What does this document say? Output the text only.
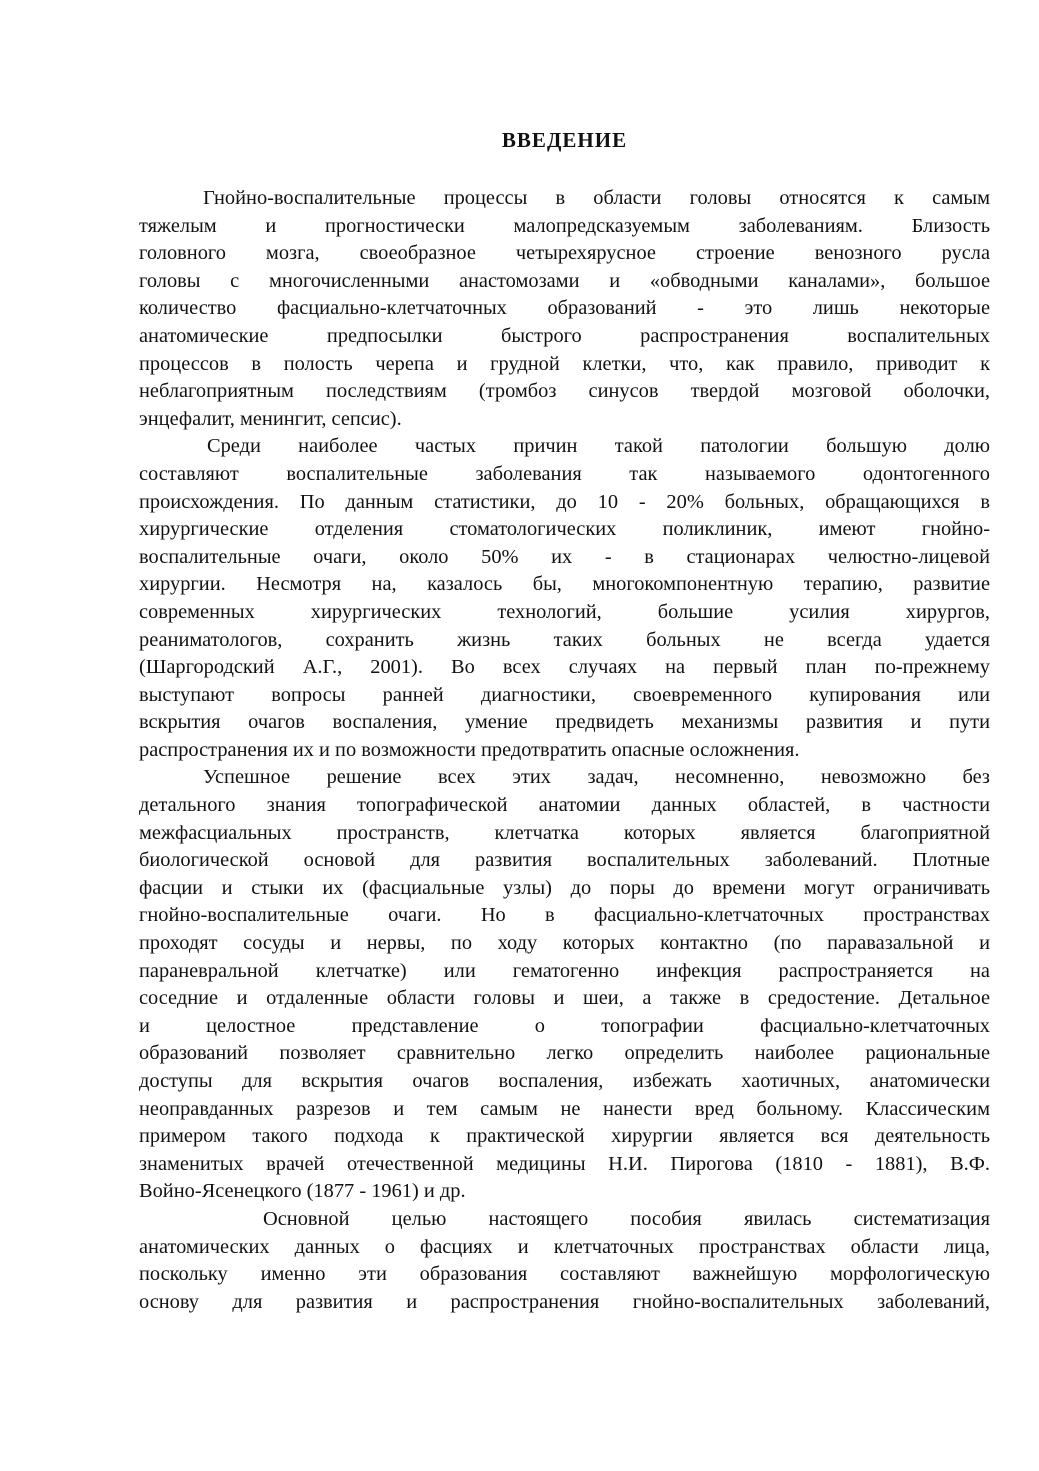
ВВЕДЕНИЕ

Гнойно-воспалительные процессы в области головы относятся к самым
тяжелым и прогностически малопредсказуемым заболеваниям. Близость
головного мозга, своеобразное четырехярусное строение венозного русла
головы с многочисленными анастомозами и «обводными каналами», большое
количество фасциально-клетчаточных образований - это лишь некоторые
анатомические предпосылки быстрого распространения воспалительных
процессов в полость черепа и грудной клетки, что, как правило, приводит к
неблагоприятным последствиям (тромбоз синусов твердой мозговой оболочки,
энцефалит, менингит, сепсис).

Среди наиболее частых причин такой патологии большую долю
составляют воспалительные заболевания так называемого одонтогенного
происхождения. По данным статистики, до 10 - 20% больных, обращающихся в
хирургические отделения стоматологических поликлиник, имеют гнойно-
воспалительные очаги, около 50% их - в стационарах челюстно-лицевой
хирургии. Несмотря на, казалось бы, многокомпонентную терапию, развитие
современных хирургических технологий, большие усилия хирургов,
реаниматологов, сохранить жизнь таких больных не всегда удается
(Шаргородский А.Г., 2001). Во всех случаях на первый план по-прежнему
выступают вопросы ранней диагностики, своевременного купирования или
вскрытия очагов воспаления, умение предвидеть механизмы развития и пути
распространения их и по возможности предотвратить опасные осложнения.

Успешное решение всех этих задач, несомненно, невозможно без
детального знания топографической анатомии данных областей, в частности
межфасциальных пространств, клетчатка которых является благоприятной
биологической основой для развития воспалительных заболеваний. Плотные
фасции и стыки их (фасциальные узлы) до поры до времени могут ограничивать
гнойно-воспалительные очаги. Но в фасциально-клетчаточных пространствах
проходят сосуды и нервы, по ходу которых контактно (по паравазальной и
параневральной клетчатке) или гематогенно инфекция распространяется на
соседние и отдаленные области головы и шеи, а также в средостение. Детальное
и целостное представление о топографии фасциально-клетчаточных
образований позволяет сравнительно легко определить наиболее рациональные
доступы для вскрытия очагов воспаления, избежать хаотичных, анатомически
неоправданных разрезов и тем самым не нанести вред больному. Классическим
примером такого подхода к практической хирургии является вся деятельность
знаменитых врачей отечественной медицины Н.И. Пирогова (1810 - 1881), В.Ф.
Войно-Ясенецкого (1877 - 1961) и др.

Основной целью настоящего пособия явилась систематизация
анатомических данных о фасциях и клетчаточных пространствах области лица,
поскольку именно эти образования составляют важнейшую морфологическую
основу для развития и распространения гнойно-воспалительных заболеваний,
